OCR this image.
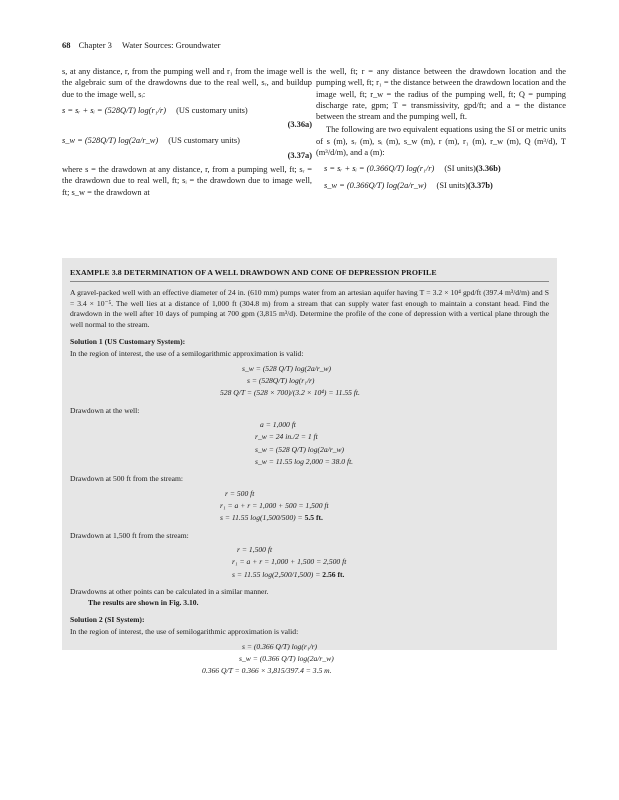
68 Chapter 3 Water Sources: Groundwater

s, at any distance, r, from the pumping well and r₁ from the image well is the algebraic sum of the drawdowns due to the real well, sᵣ, and buildup due to the image well, sᵢ:

s = sᵣ + sᵢ = (528Q/T) log(r₁/r) (US customary units)
(3.36a)
s_w = (528Q/T) log(2a/r_w) (US customary units)
(3.37a)

where s = the drawdown at any distance, r, from a pumping well, ft; sᵣ = the drawdown due to real well, ft; sᵢ = the drawdown due to image well, ft; s_w = the drawdown at

the well, ft; r = any distance between the drawdown location and the pumping well, ft; r₁ = the distance between the drawdown location and the image well, ft; r_w = the radius of the pumping well, ft; Q = pumping discharge rate, gpm; T = transmissivity, gpd/ft; and a = the distance between the stream and the pumping well, ft.

The following are two equivalent equations using the SI or metric units of s (m), sᵣ (m), sᵢ (m), s_w (m), r (m), r₁ (m), r_w (m), Q (m³/d), T (m³/d/m), and a (m):

s = sᵣ + sᵢ = (0.366Q/T) log(r₁/r) (SI units) (3.36b)
s_w = (0.366Q/T) log(2a/r_w) (SI units) (3.37b)
EXAMPLE 3.8 DETERMINATION OF A WELL DRAWDOWN AND CONE OF DEPRESSION PROFILE

A gravel-packed well with an effective diameter of 24 in. (610 mm) pumps water from an artesian aquifer having T = 3.2 × 10⁴ gpd/ft (397.4 m³/d/m) and S = 3.4 × 10⁻⁵. The well lies at a distance of 1,000 ft (304.8 m) from a stream that can supply water fast enough to maintain a constant head. Find the drawdown in the well after 10 days of pumping at 700 gpm (3,815 m³/d). Determine the profile of the cone of depression with a vertical plane through the well normal to the stream.

Solution 1 (US Customary System):

In the region of interest, the use of a semilogarithmic approximation is valid:

s_w = (528 Q/T) log(2a/r_w)
s = (528Q/T) log(r₁/r)
528 Q/T = (528 × 700)/(3.2 × 10⁴) = 11.55 ft.

Drawdown at the well:

a = 1,000 ft
r_w = 24 in./2 = 1 ft
s_w = (528 Q/T) log(2a/r_w)
s_w = 11.55 log 2,000 = 38.0 ft.

Drawdown at 500 ft from the stream:

r = 500 ft
r₁ = a + r = 1,000 + 500 = 1,500 ft
s = 11.55 log(1,500/500) = 5.5 ft.

Drawdown at 1,500 ft from the stream:

r = 1,500 ft
r₁ = a + r = 1,000 + 1,500 = 2,500 ft
s = 11.55 log(2,500/1,500) = 2.56 ft.

Drawdowns at other points can be calculated in a similar manner.

The results are shown in Fig. 3.10.

Solution 2 (SI System):

In the region of interest, the use of semilogarithmic approximation is valid:

s = (0.366 Q/T) log(r₁/r)
s_w = (0.366 Q/T) log(2a/r_w)
0.366 Q/T = 0.366 × 3,815/397.4 = 3.5 m.
